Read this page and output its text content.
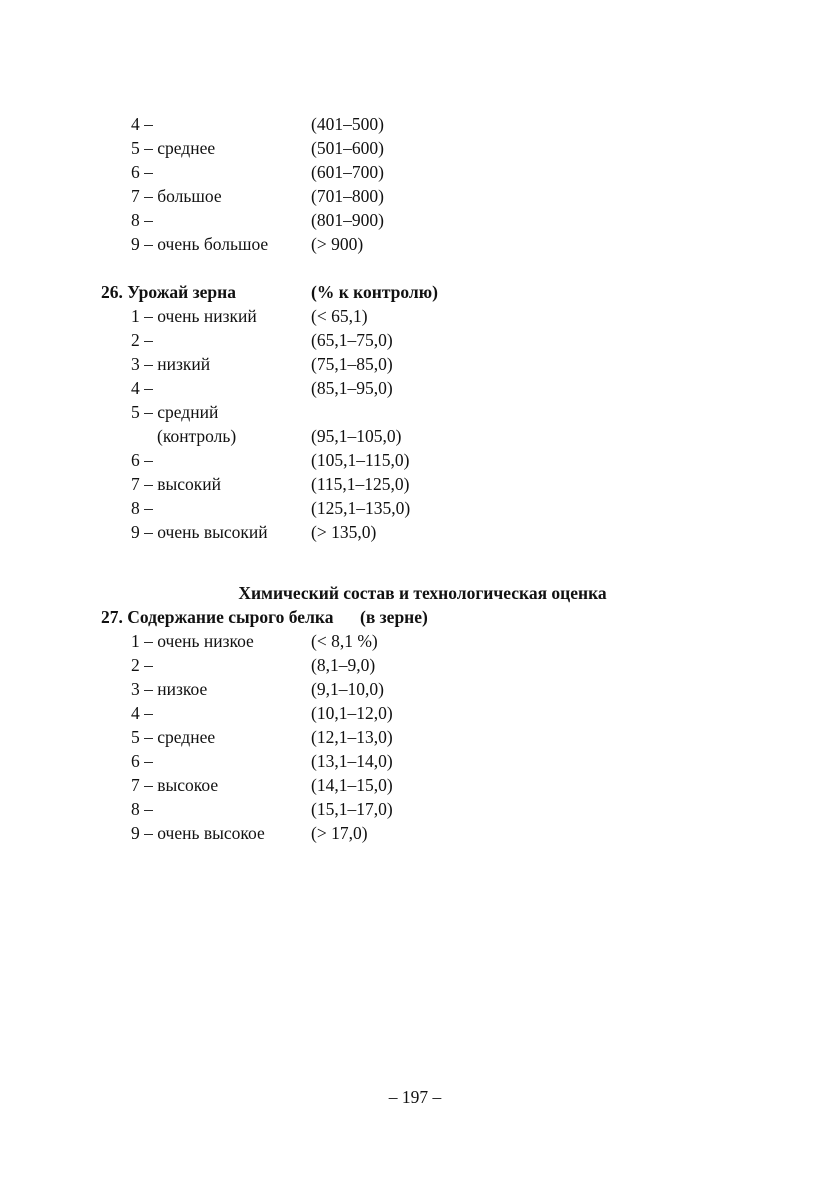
4 –	(401–500)
5 – среднее	(501–600)
6 –	(601–700)
7 – большое	(701–800)
8 –	(801–900)
9 – очень большое (> 900)
26. Урожай зерна	(% к контролю)
1 – очень низкий	(< 65,1)
2 –	(65,1–75,0)
3 – низкий	(75,1–85,0)
4 –	(85,1–95,0)
5 – средний
(контроль)	(95,1–105,0)
6 –	(105,1–115,0)
7 – высокий	(115,1–125,0)
8 –	(125,1–135,0)
9 – очень высокий (> 135,0)
Химический состав и технологическая оценка
27. Содержание сырого белка (в зерне)
1 – очень низкое	(< 8,1 %)
2 –	(8,1–9,0)
3 – низкое	(9,1–10,0)
4 –	(10,1–12,0)
5 – среднее	(12,1–13,0)
6 –	(13,1–14,0)
7 – высокое	(14,1–15,0)
8 –	(15,1–17,0)
9 – очень высокое	(> 17,0)
– 197 –
